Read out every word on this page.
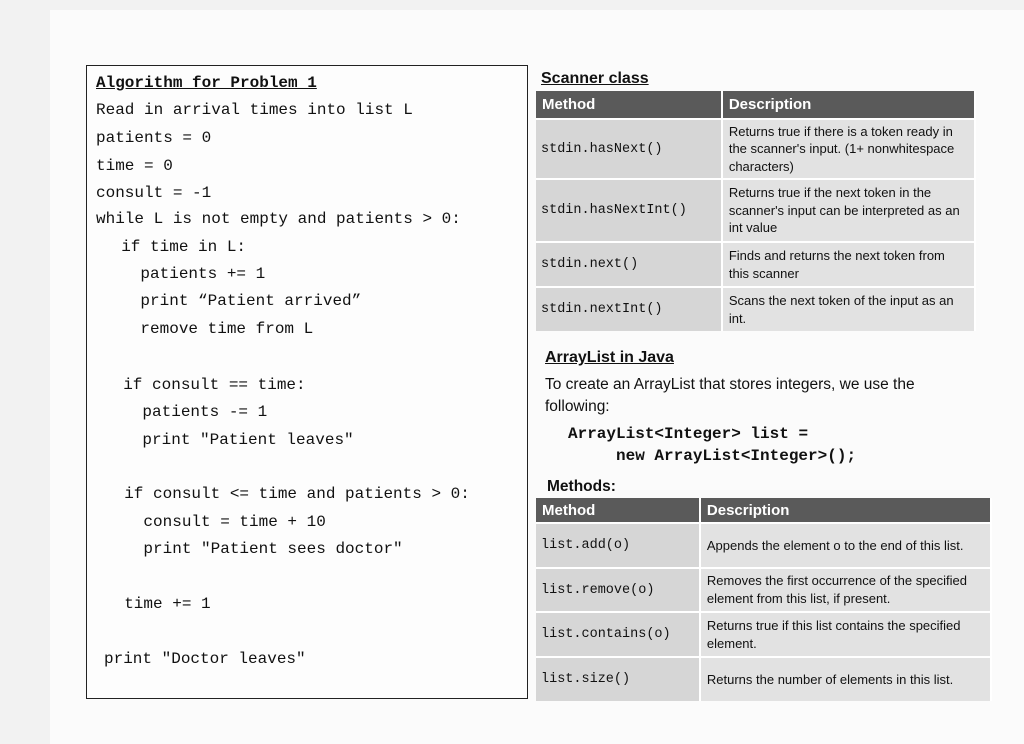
Algorithm for Problem 1
Read in arrival times into list L
patients = 0
time = 0
consult = -1
while L is not empty and patients > 0:
if time in L:
patients += 1
print “Patient arrived”
remove time from L
if consult == time:
patients -= 1
print "Patient leaves"
if consult <= time and patients > 0:
consult = time + 10
print "Patient sees doctor"
time += 1
print "Doctor leaves"
Scanner class
Method	Description
stdin.hasNext()	Returns true if there is a token ready in the scanner's input. (1+ nonwhitespace characters)
stdin.hasNextInt()	Returns true if the next token in the scanner's input can be interpreted as an int value
stdin.next()	Finds and returns the next token from this scanner
stdin.nextInt()	Scans the next token of the input as an int.
ArrayList in Java
To create an ArrayList that stores integers, we use the following:
ArrayList<Integer> list =
new ArrayList<Integer>();
Methods:
Method	Description
list.add(o)	Appends the element o to the end of this list.
list.remove(o)	Removes the first occurrence of the specified element from this list, if present.
list.contains(o)	Returns true if this list contains the specified element.
list.size()	Returns the number of elements in this list.
